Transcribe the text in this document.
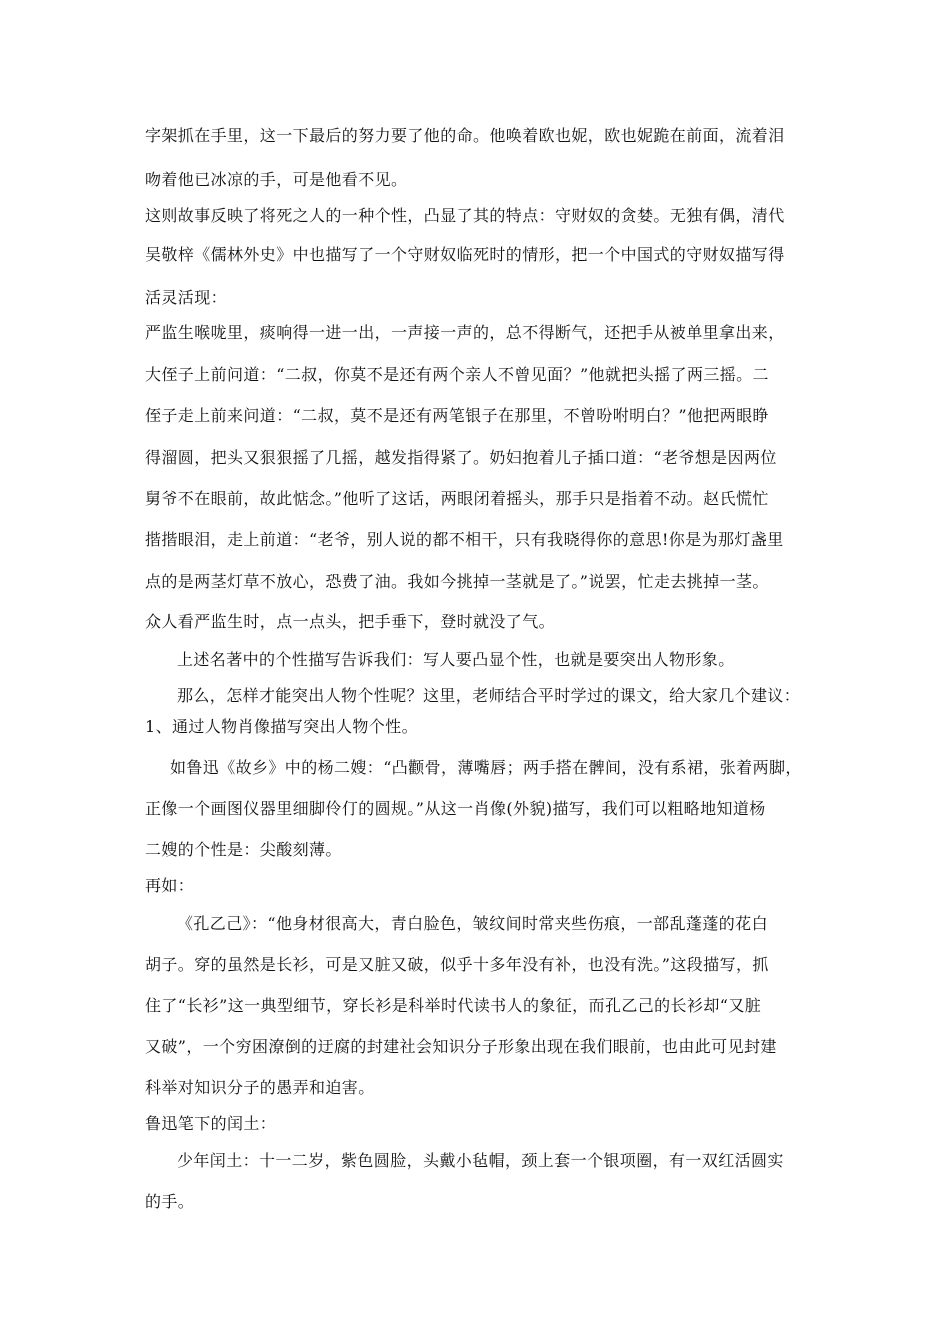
字架抓在手里，这一下最后的努力要了他的命。他唤着欧也妮，欧也妮跪在前面，流着泪
吻着他已冰凉的手，可是他看不见。
这则故事反映了将死之人的一种个性，凸显了其的特点：守财奴的贪婪。无独有偶，清代
吴敬梓《儒林外史》中也描写了一个守财奴临死时的情形，把一个中国式的守财奴描写得
活灵活现：
严监生喉咙里，痰响得一进一出，一声接一声的，总不得断气，还把手从被单里拿出来，
大侄子上前问道：“二叔，你莫不是还有两个亲人不曾见面？”他就把头摇了两三摇。二
侄子走上前来问道：“二叔，莫不是还有两笔银子在那里，不曾吩咐明白？”他把两眼睁
得溜圆，把头又狠狠摇了几摇，越发指得紧了。奶妇抱着儿子插口道：“老爷想是因两位
舅爷不在眼前，故此惦念。”他听了这话，两眼闭着摇头，那手只是指着不动。赵氏慌忙
揩揩眼泪，走上前道：“老爷，别人说的都不相干，只有我晓得你的意思!你是为那灯盏里
点的是两茎灯草不放心，恐费了油。我如今挑掉一茎就是了。”说罢，忙走去挑掉一茎。
众人看严监生时，点一点头，把手垂下，登时就没了气。
上述名著中的个性描写告诉我们：写人要凸显个性，也就是要突出人物形象。
那么，怎样才能突出人物个性呢？这里，老师结合平时学过的课文，给大家几个建议：
1、通过人物肖像描写突出人物个性。
如鲁迅《故乡》中的杨二嫂：“凸颧骨，薄嘴唇；两手搭在髀间，没有系裙，张着两脚，
正像一个画图仪器里细脚伶仃的圆规。”从这一肖像(外貌)描写，我们可以粗略地知道杨
二嫂的个性是：尖酸刻薄。
再如：
《孔乙己》：“他身材很高大，青白脸色，皱纹间时常夹些伤痕，一部乱蓬蓬的花白
胡子。穿的虽然是长衫，可是又脏又破，似乎十多年没有补，也没有洗。”这段描写，抓
住了“长衫”这一典型细节，穿长衫是科举时代读书人的象征，而孔乙己的长衫却“又脏
又破”，一个穷困潦倒的迂腐的封建社会知识分子形象出现在我们眼前，也由此可见封建
科举对知识分子的愚弄和迫害。
鲁迅笔下的闰土：
少年闰土：十一二岁，紫色圆脸，头戴小毡帽，颈上套一个银项圈，有一双红活圆实
的手。
